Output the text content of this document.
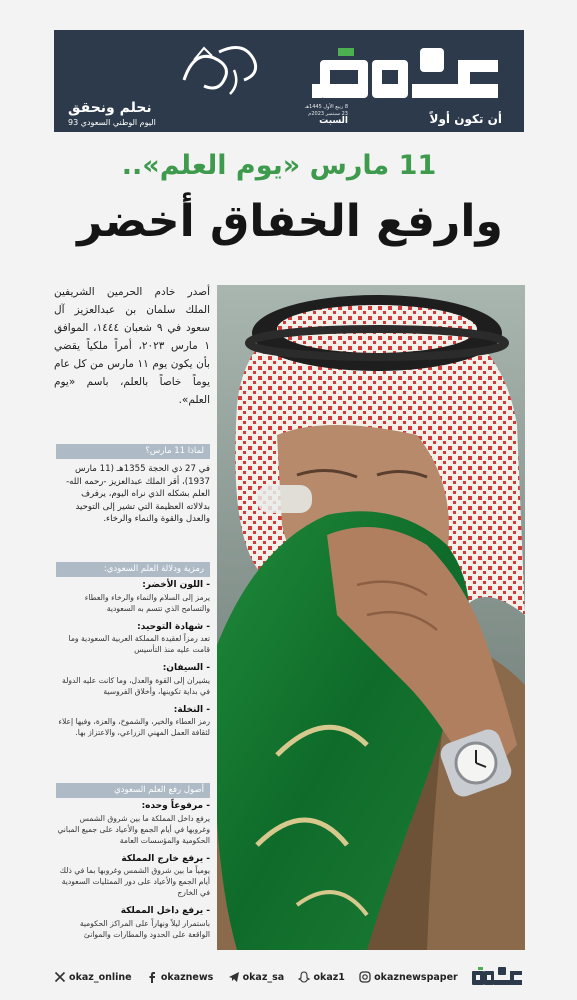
أن تكون أولاً
8 ربيع الأول 1445هـ
23 سبتمبر 2023م
السبت
نحلم ونحقق
اليوم الوطني السعودي 93
11 مارس «يوم العلم»..
وارفع الخفاق أخضر
أصدر خادم الحرمين الشريفين الملك سلمان بن عبدالعزيز آل سعود في ٩ شعبان ١٤٤٤، الموافق ١ مارس ٢٠٢٣، أمراً ملكياً يقضي بأن يكون يوم ١١ مارس من كل عام يوماً خاصاً بالعلم، باسم «يوم العلم».
لماذا 11 مارس؟
في 27 ذي الحجة 1355هـ (11 مارس 1937)، أقر الملك عبدالعزيز -رحمه الله- العلم بشكله الذي نراه اليوم، يرفرف بدلالاته العظيمة التي تشير إلى التوحيد والعدل والقوة والنماء والرخاء.
رمزية ودلالة العلم السعودي:
- اللون الأخضر:
يرمز إلى السلام والنماء والرخاء والعطاء والتسامح الذي تتسم به السعودية
- شهادة التوحيد:
تعد رمزاً لعقيدة المملكة العربية السعودية وما قامت عليه منذ التأسيس
- السيفان:
يشيران إلى القوة والعدل، وما كانت عليه الدولة في بداية تكوينها، وأخلاق الفروسية
- النخلة:
رمز العطاء والخير، والشموخ، والعزة، وفيها إعلاء لثقافة العمل المهني الزراعي، والاعتزاز بها.
أصول رفع العلم السعودي
- مرفوعاً وحده:
يرفع داخل المملكة ما بين شروق الشمس وغروبها في أيام الجمع والأعياد على جميع المباني الحكومية والمؤسسات العامة
- يرفع خارج المملكة
يومياً ما بين شروق الشمس وغروبها بما في ذلك أيام الجمع والأعياد على دور الممثليات السعودية في الخارج
- يرفع داخل المملكة
باستمرار ليلاً ونهاراً على المراكز الحكومية الواقعة على الحدود والمطارات والموانئ
okaznewspaper
okaz1
okaz_sa
okaznews
okaz_online
